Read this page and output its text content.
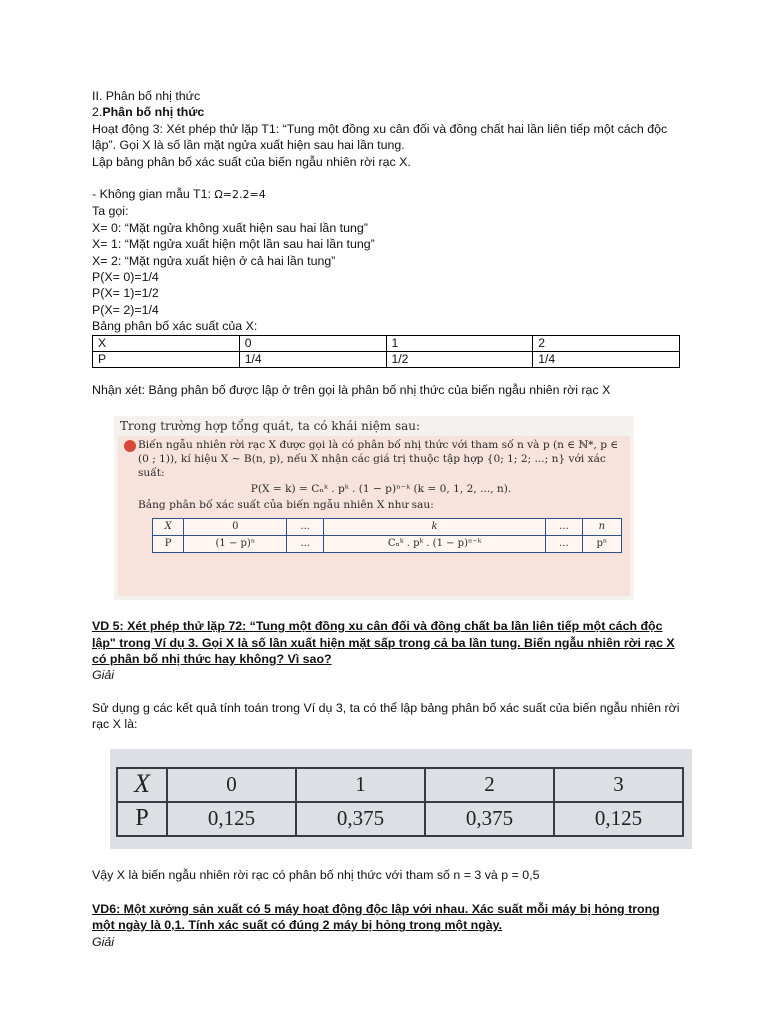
II. Phân bố nhị thức
2.Phân bố nhị thức
Hoạt động 3: Xét phép thử lặp T1: “Tung một đồng xu cân đối và đồng chất hai lần liên tiếp một cách độc lập”. Gọi X là số lần mặt ngửa xuất hiện sau hai lần tung.
Lập bảng phân bố xác suất của biến ngẫu nhiên rời rạc X.
- Không gian mẫu T1: Ω=2.2=4
Ta gọi:
X= 0: “Mặt ngửa không xuất hiện sau hai lần tung”
X= 1: “Mặt ngửa xuất hiện một lần sau hai lần tung”
X= 2: “Mặt ngửa xuất hiện ở cả hai lần tung”
P(X= 0)=1/4
P(X= 1)=1/2
P(X= 2)=1/4
Bảng phân bố xác suất của X:
X	0	1	2
P	1/4	1/2	1/4
Nhận xét: Bảng phân bố được lập ở trên gọi là phân bố nhị thức của biến ngẫu nhiên rời rạc X
Trong trường hợp tổng quát, ta có khái niệm sau:
Biến ngẫu nhiên rời rạc X được gọi là có phân bố nhị thức với tham số n và p (n ∈ ℕ*, p ∈ (0 ; 1)), kí hiệu X ∼ B(n, p), nếu X nhận các giá trị thuộc tập hợp {0; 1; 2; ...; n} với xác suất:
P(X = k) = Cₙᵏ . pᵏ . (1 − p)ⁿ⁻ᵏ (k = 0, 1, 2, ..., n).
Bảng phân bố xác suất của biến ngẫu nhiên X như sau:
X	0	...	k	...	n
P	(1 − p)ⁿ	...	Cₙᵏ . pᵏ . (1 − p)ⁿ⁻ᵏ	...	pⁿ
VD 5: Xét phép thử lặp 72: “Tung một đồng xu cân đối và đồng chất ba lần liên tiếp một cách độc lập" trong Ví dụ 3. Gọi X là số lần xuất hiện mặt sấp trong cả ba lần tung. Biến ngẫu nhiên rời rạc X có phân bố nhị thức hay không? Vì sao?
Giải
Sử dụng g các kết quả tính toán trong Ví dụ 3, ta có thể lập bảng phân bố xác suất của biến ngẫu nhiên rời rạc X là:
X	0	1	2	3
P	0,125	0,375	0,375	0,125
Vậy X là biến ngẫu nhiên rời rạc có phân bố nhị thức với tham số n = 3 và p = 0,5
VD6: Một xưởng sản xuất có 5 máy hoạt động độc lập với nhau. Xác suất mỗi máy bị hỏng trong một ngày là 0,1. Tính xác suất có đúng 2 máy bị hỏng trong một ngày.
Giải
